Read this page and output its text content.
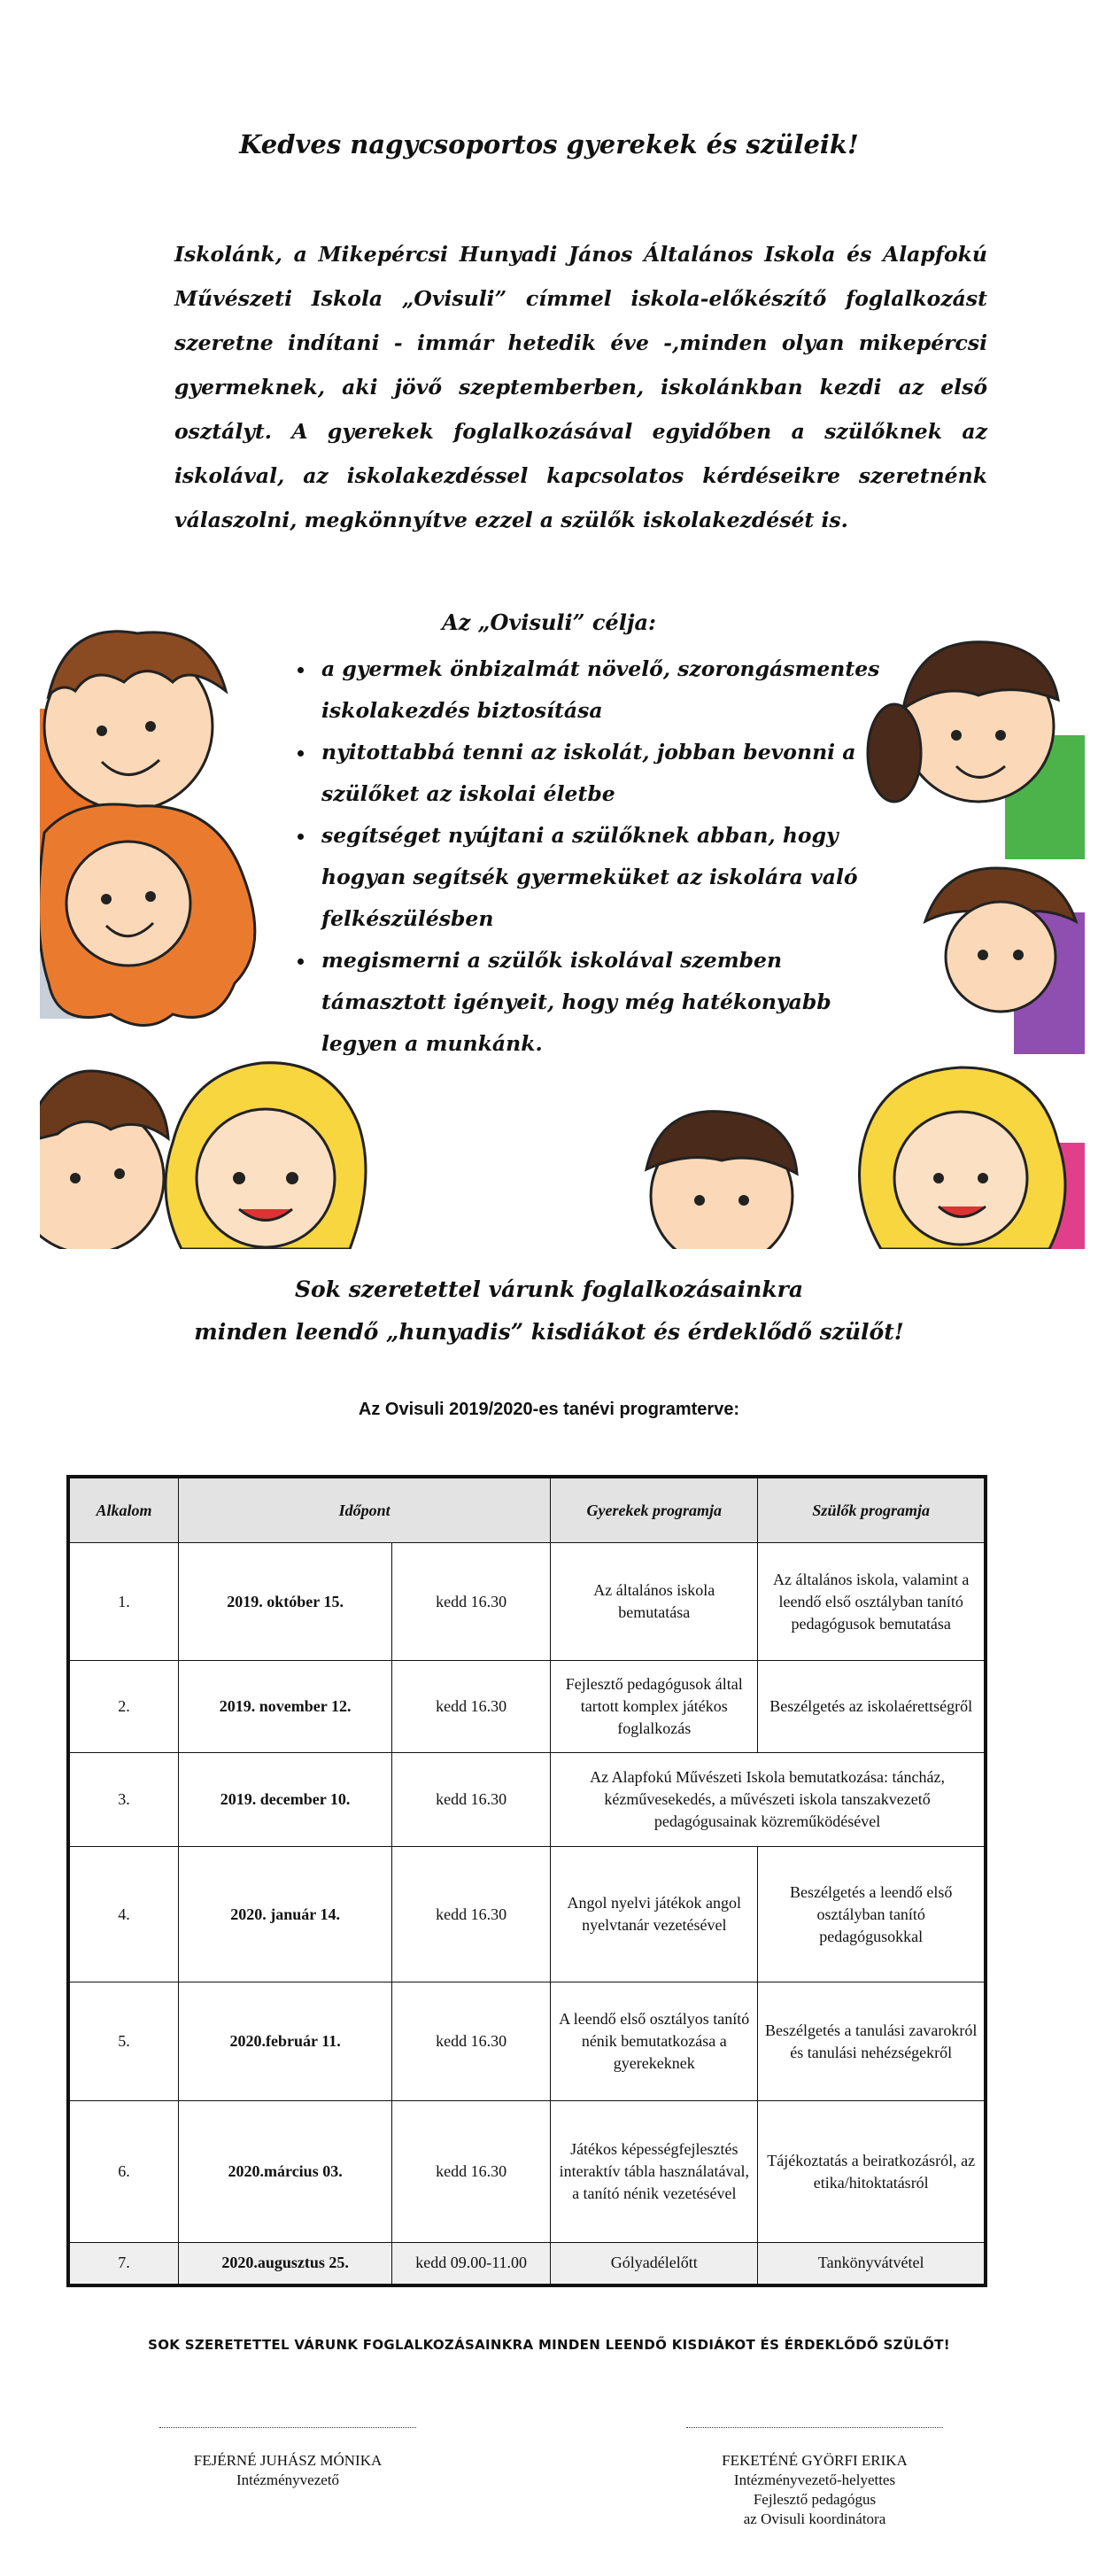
Kedves nagycsoportos gyerekek és szüleik!

Iskolánk, a Mikepércsi Hunyadi János Általános Iskola és Alapfokú Művészeti Iskola „Ovisuli” címmel iskola-előkészítő foglalkozást szeretne indítani - immár hetedik éve -,minden olyan mikepércsi gyermeknek, aki jövő szeptemberben, iskolánkban kezdi az első osztályt. A gyerekek foglalkozásával egyidőben a szülőknek az iskolával, az iskolakezdéssel kapcsolatos kérdéseikre szeretnénk válaszolni, megkönnyítve ezzel a szülők iskolakezdését is.

Az „Ovisuli” célja:
• a gyermek önbizalmát növelő, szorongásmentes iskolakezdés biztosítása
• nyitottabbá tenni az iskolát, jobban bevonni a szülőket az iskolai életbe
• segítséget nyújtani a szülőknek abban, hogy hogyan segítsék gyermeküket az iskolára való felkészülésben
• megismerni a szülők iskolával szemben támasztott igényeit, hogy még hatékonyabb legyen a munkánk.
Sok szeretettel várunk foglalkozásainkra
minden leendő „hunyadis” kisdiákot és érdeklődő szülőt!
Az Ovisuli 2019/2020-es tanévi programterve:
Alkalom	Időpont		Gyerekek programja	Szülők programja
1.	2019. október 15.	kedd 16.30	Az általános iskola bemutatása	Az általános iskola, valamint a leendő első osztályban tanító pedagógusok bemutatása
2.	2019. november 12.	kedd 16.30	Fejlesztő pedagógusok által tartott komplex játékos foglalkozás	Beszélgetés az iskolaérettségről
3.	2019. december 10.	kedd 16.30	Az Alapfokú Művészeti Iskola bemutatkozása: táncház, kézművesekedés, a művészeti iskola tanszakvezető pedagógusainak közreműködésével	
4.	2020. január 14.	kedd 16.30	Angol nyelvi játékok angol nyelvtanár vezetésével	Beszélgetés a leendő első osztályban tanító pedagógusokkal
5.	2020.február 11.	kedd 16.30	A leendő első osztályos tanító nénik bemutatkozása a gyerekeknek	Beszélgetés a tanulási zavarokról és tanulási nehézségekről
6.	2020.március 03.	kedd 16.30	Játékos képességfejlesztés interaktív tábla használatával, a tanító nénik vezetésével	Tájékoztatás a beiratkozásról, az etika/hitoktatásról
7.	2020.augusztus 25.	kedd 09.00-11.00	Gólyadélelőtt	Tankönyvátvétel
SOK SZERETETTEL VÁRUNK FOGLALKOZÁSAINKRA MINDEN LEENDŐ KISDIÁKOT ÉS ÉRDEKLŐDŐ SZÜLŐT!
FEJÉRNÉ JUHÁSZ MÓNIKA
Intézményvezető
FEKETÉNÉ GYÖRFI ERIKA
Intézményvezető-helyettes
Fejlesztő pedagógus
az Ovisuli koordinátora
